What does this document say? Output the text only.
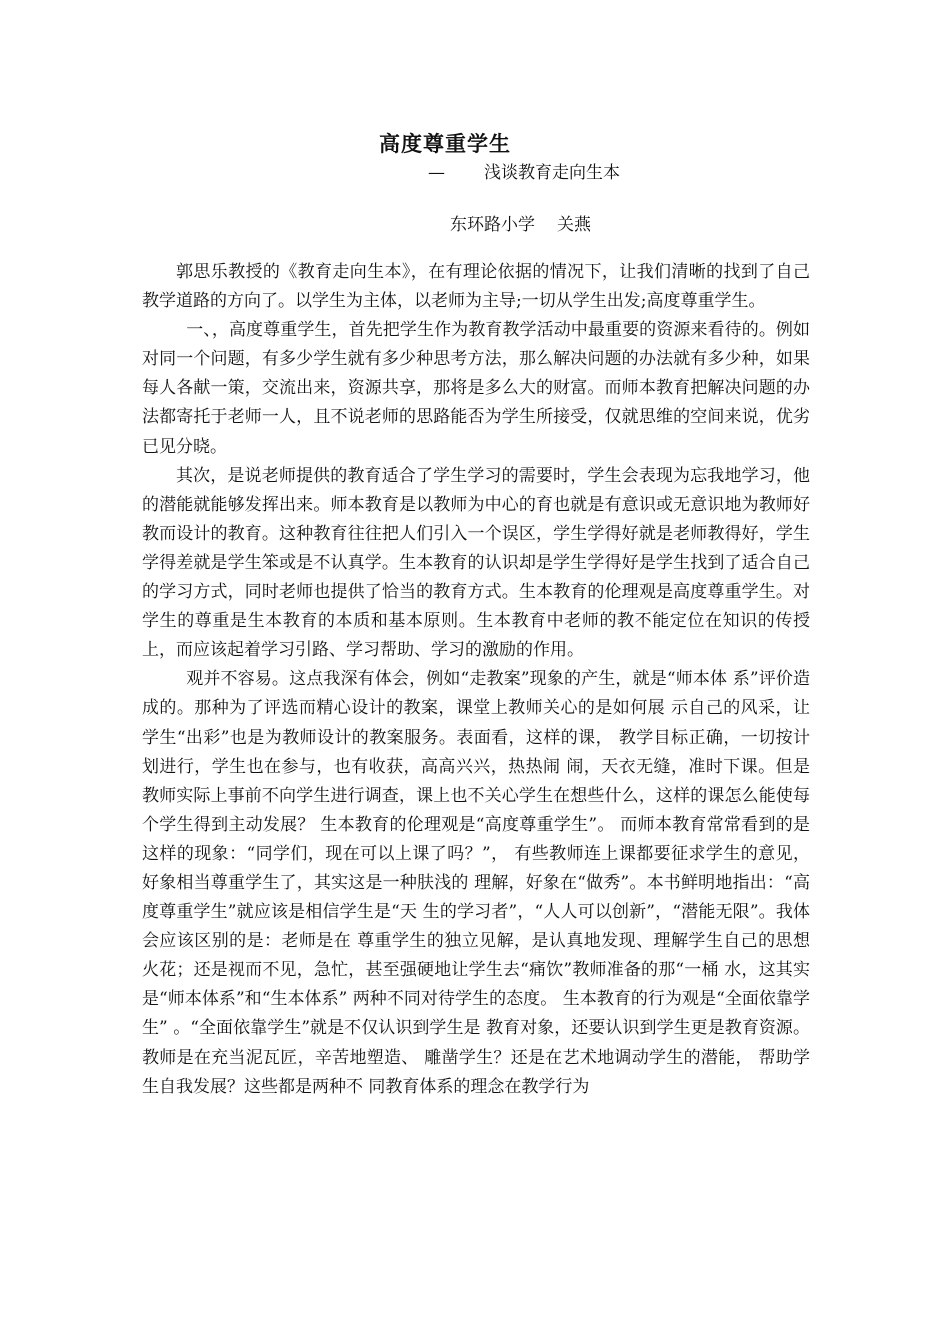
高度尊重学生
— 浅谈教育走向生本
东环路小学 关燕

郭思乐教授的《教育走向生本》，在有理论依据的情况下，让我们清晰的找到了自己教学道路的方向了。以学生为主体，以老师为主导;一切从学生出发;高度尊重学生。

一、，高度尊重学生，首先把学生作为教育教学活动中最重要的资源来看待的。例如对同一个问题，有多少学生就有多少种思考方法，那么解决问题的办法就有多少种，如果每人各献一策，交流出来，资源共享，那将是多么大的财富。而师本教育把解决问题的办法都寄托于老师一人，且不说老师的思路能否为学生所接受，仅就思维的空间来说，优劣已见分晓。

其次，是说老师提供的教育适合了学生学习的需要时，学生会表现为忘我地学习，他的潜能就能够发挥出来。师本教育是以教师为中心的育也就是有意识或无意识地为教师好教而设计的教育。这种教育往往把人们引入一个误区，学生学得好就是老师教得好，学生学得差就是学生笨或是不认真学。生本教育的认识却是学生学得好是学生找到了适合自己的学习方式，同时老师也提供了恰当的教育方式。生本教育的伦理观是高度尊重学生。对学生的尊重是生本教育的本质和基本原则。生本教育中老师的教不能定位在知识的传授上，而应该起着学习引路、学习帮助、学习的激励的作用。

观并不容易。这点我深有体会，例如“走教案”现象的产生，就是“师本体 系”评价造成的。那种为了评选而精心设计的教案，课堂上教师关心的是如何展 示自己的风采，让学生“出彩”也是为教师设计的教案服务。表面看，这样的课， 教学目标正确，一切按计划进行，学生也在参与，也有收获，高高兴兴，热热闹 闹，天衣无缝，准时下课。但是教师实际上事前不向学生进行调查，课上也不关心学生在想些什么，这样的课怎么能使每个学生得到主动发展？ 生本教育的伦理观是“高度尊重学生”。 而师本教育常常看到的是这样的现象：“同学们，现在可以上课了吗？”， 有些教师连上课都要征求学生的意见，好象相当尊重学生了，其实这是一种肤浅的 理解，好象在“做秀”。本书鲜明地指出：“高度尊重学生”就应该是相信学生是“天 生的学习者”，“人人可以创新”，“潜能无限”。我体会应该区别的是：老师是在 尊重学生的独立见解，是认真地发现、理解学生自己的思想火花；还是视而不见，急忙，甚至强硬地让学生去“痛饮”教师准备的那“一桶 水，这其实是“师本体系”和“生本体系” 两种不同对待学生的态度。 生本教育的行为观是“全面依靠学生” 。“全面依靠学生”就是不仅认识到学生是 教育对象，还要认识到学生更是教育资源。教师是在充当泥瓦匠，辛苦地塑造、 雕凿学生？还是在艺术地调动学生的潜能， 帮助学生自我发展？这些都是两种不 同教育体系的理念在教学行为
